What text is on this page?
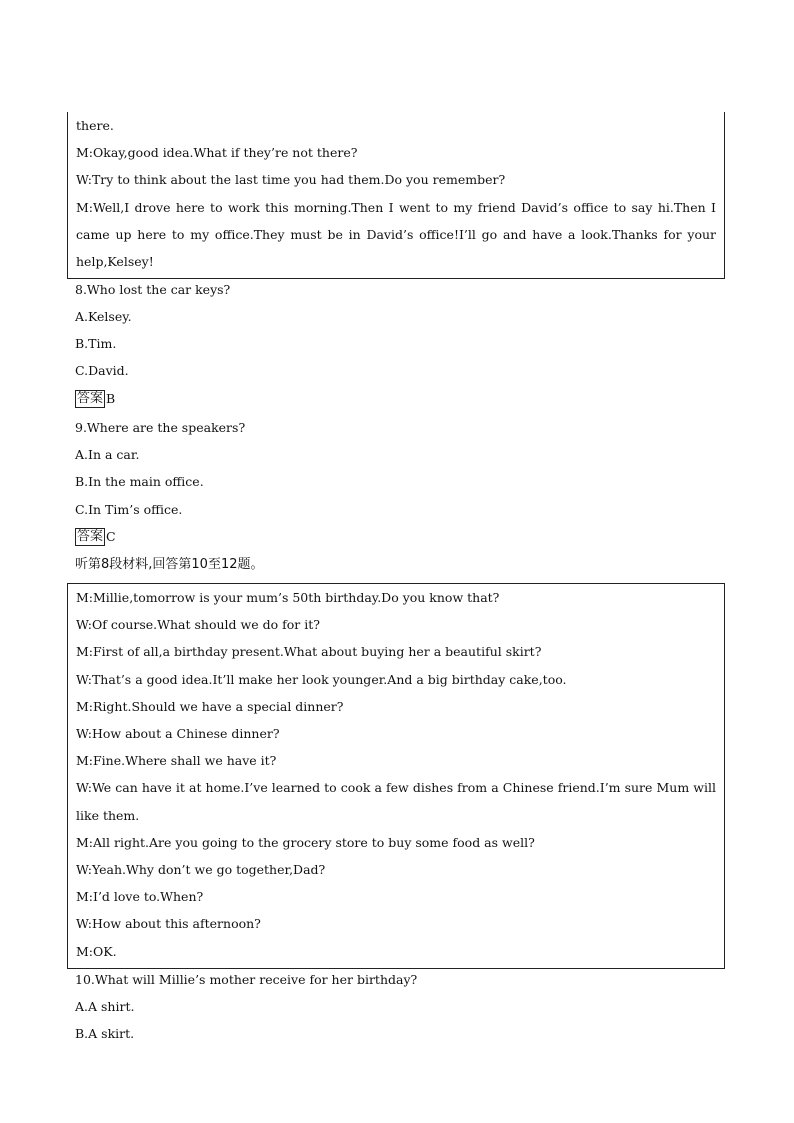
there.
M:Okay,good idea.What if they’re not there?
W:Try to think about the last time you had them.Do you remember?
M:Well,I drove here to work this morning.Then I went to my friend David’s office to say hi.Then I came up here to my office.They must be in David’s office!I’ll go and have a look.Thanks for your help,Kelsey!
8.Who lost the car keys?
A.Kelsey.
B.Tim.
C.David.
答案 B
9.Where are the speakers?
A.In a car.
B.In the main office.
C.In Tim’s office.
答案 C
听第8段材料,回答第10至12题。
M:Millie,tomorrow is your mum’s 50th birthday.Do you know that?
W:Of course.What should we do for it?
M:First of all,a birthday present.What about buying her a beautiful skirt?
W:That’s a good idea.It’ll make her look younger.And a big birthday cake,too.
M:Right.Should we have a special dinner?
W:How about a Chinese dinner?
M:Fine.Where shall we have it?
W:We can have it at home.I’ve learned to cook a few dishes from a Chinese friend.I’m sure Mum will like them.
M:All right.Are you going to the grocery store to buy some food as well?
W:Yeah.Why don’t we go together,Dad?
M:I’d love to.When?
W:How about this afternoon?
M:OK.
10.What will Millie’s mother receive for her birthday?
A.A shirt.
B.A skirt.
